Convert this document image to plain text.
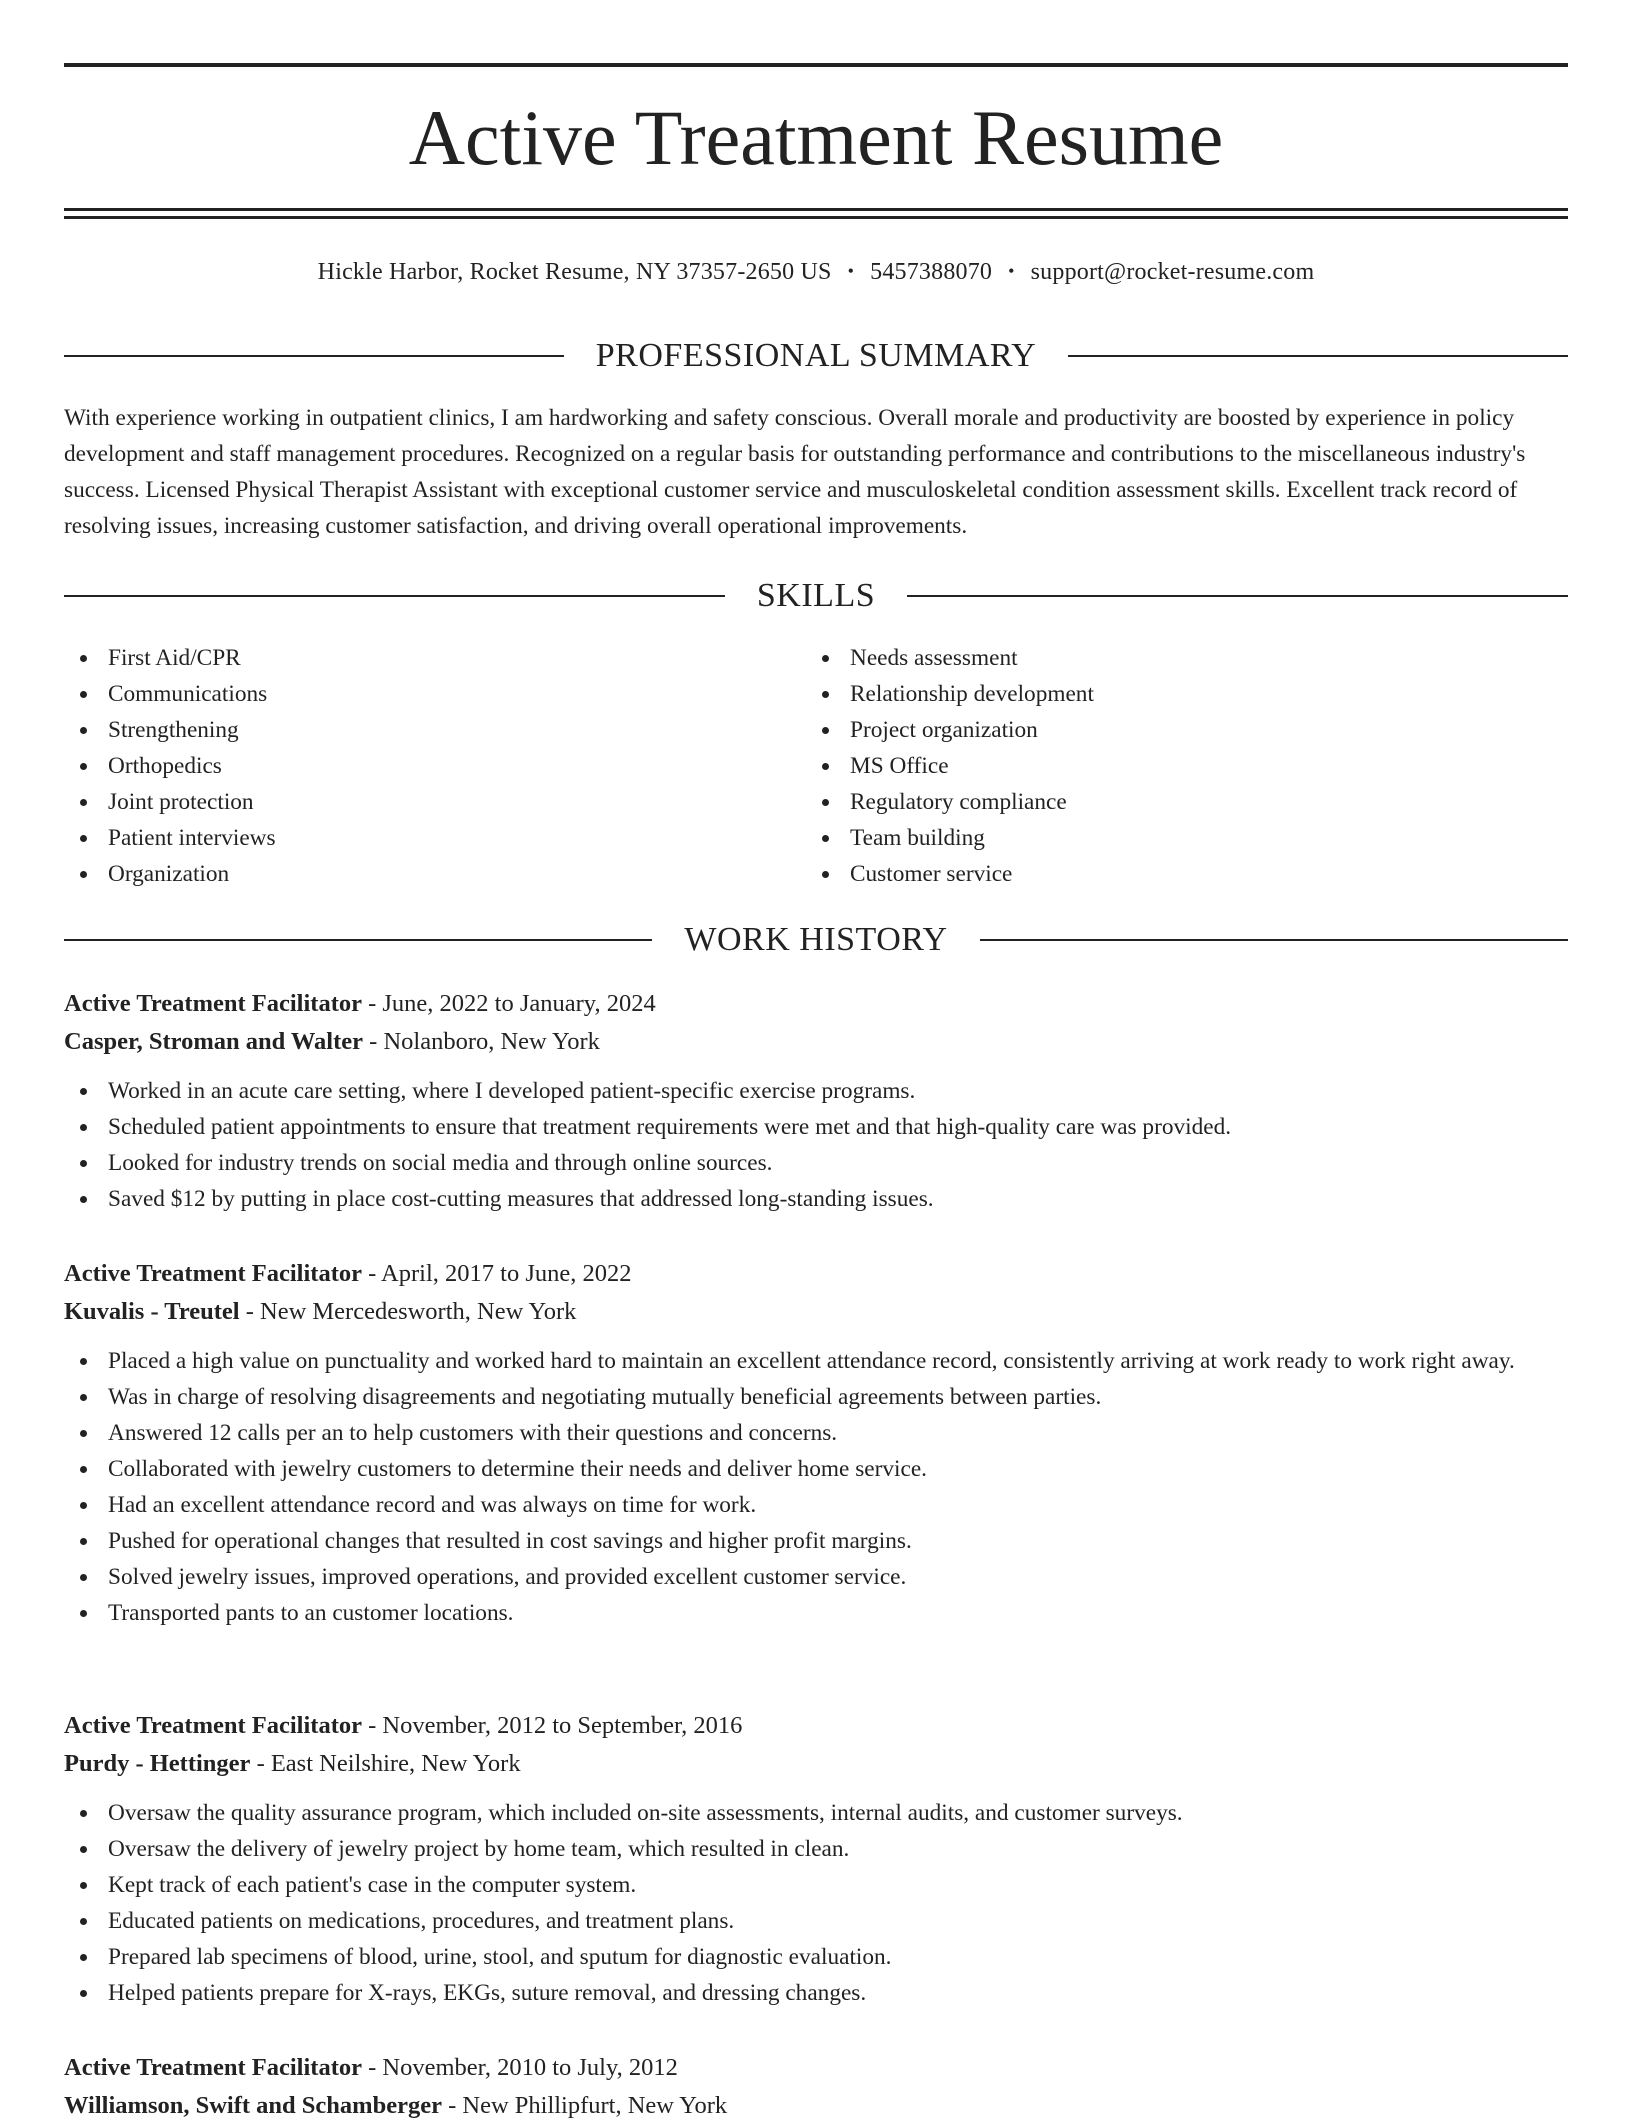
Active Treatment Resume
Hickle Harbor, Rocket Resume, NY 37357-2650 US • 5457388070 • support@rocket-resume.com
PROFESSIONAL SUMMARY

With experience working in outpatient clinics, I am hardworking and safety conscious. Overall morale and productivity are boosted by experience in policy development and staff management procedures. Recognized on a regular basis for outstanding performance and contributions to the miscellaneous industry's success. Licensed Physical Therapist Assistant with exceptional customer service and musculoskeletal condition assessment skills. Excellent track record of resolving issues, increasing customer satisfaction, and driving overall operational improvements.

SKILLS
First Aid/CPR
Communications
Strengthening
Orthopedics
Joint protection
Patient interviews
Organization
Needs assessment
Relationship development
Project organization
MS Office
Regulatory compliance
Team building
Customer service
WORK HISTORY
Active Treatment Facilitator - June, 2022 to January, 2024
Casper, Stroman and Walter - Nolanboro, New York
Worked in an acute care setting, where I developed patient-specific exercise programs.
Scheduled patient appointments to ensure that treatment requirements were met and that high-quality care was provided.
Looked for industry trends on social media and through online sources.
Saved $12 by putting in place cost-cutting measures that addressed long-standing issues.
Active Treatment Facilitator - April, 2017 to June, 2022
Kuvalis - Treutel - New Mercedesworth, New York
Placed a high value on punctuality and worked hard to maintain an excellent attendance record, consistently arriving at work ready to work right away.
Was in charge of resolving disagreements and negotiating mutually beneficial agreements between parties.
Answered 12 calls per an to help customers with their questions and concerns.
Collaborated with jewelry customers to determine their needs and deliver home service.
Had an excellent attendance record and was always on time for work.
Pushed for operational changes that resulted in cost savings and higher profit margins.
Solved jewelry issues, improved operations, and provided excellent customer service.
Transported pants to an customer locations.
Active Treatment Facilitator - November, 2012 to September, 2016
Purdy - Hettinger - East Neilshire, New York
Oversaw the quality assurance program, which included on-site assessments, internal audits, and customer surveys.
Oversaw the delivery of jewelry project by home team, which resulted in clean.
Kept track of each patient's case in the computer system.
Educated patients on medications, procedures, and treatment plans.
Prepared lab specimens of blood, urine, stool, and sputum for diagnostic evaluation.
Helped patients prepare for X-rays, EKGs, suture removal, and dressing changes.
Active Treatment Facilitator - November, 2010 to July, 2012
Williamson, Swift and Schamberger - New Phillipfurt, New York
